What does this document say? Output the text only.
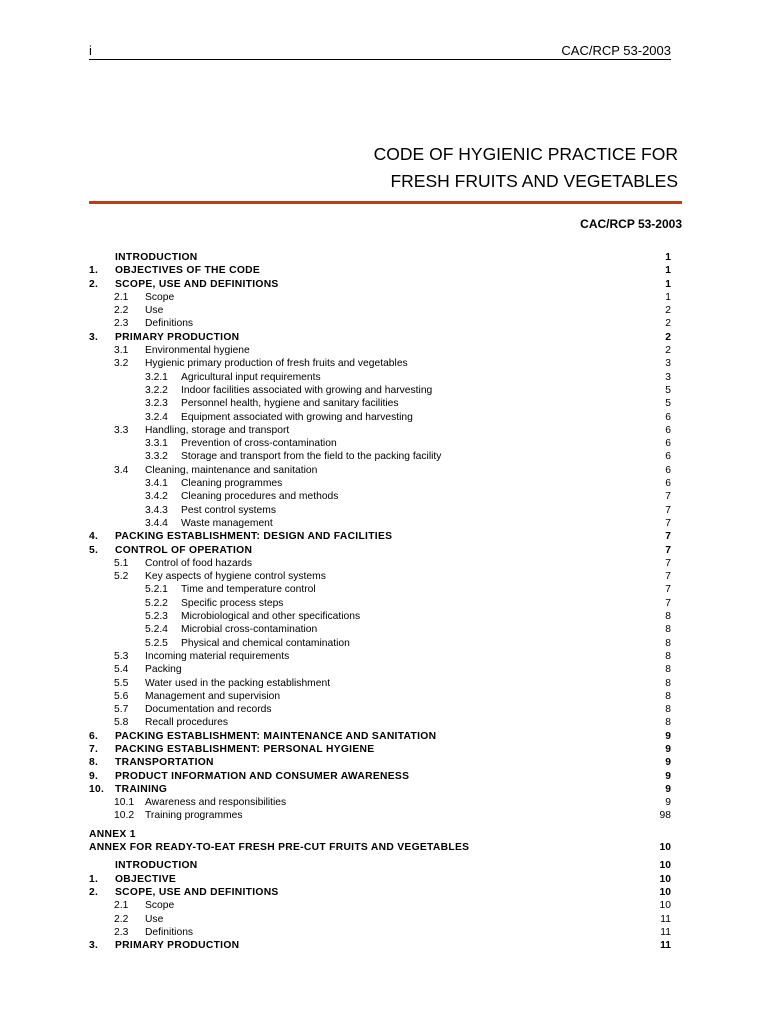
i	CAC/RCP 53-2003
CODE OF HYGIENIC PRACTICE FOR
FRESH FRUITS AND VEGETABLES
CAC/RCP 53-2003
INTRODUCTION	1
1. OBJECTIVES OF THE CODE	1
2. SCOPE, USE AND DEFINITIONS	1
2.1 Scope	1
2.2 Use	2
2.3 Definitions	2
3. PRIMARY PRODUCTION	2
3.1 Environmental hygiene	2
3.2 Hygienic primary production of fresh fruits and vegetables	3
3.2.1 Agricultural input requirements	3
3.2.2 Indoor facilities associated with growing and harvesting	5
3.2.3 Personnel health, hygiene and sanitary facilities	5
3.2.4 Equipment associated with growing and harvesting	6
3.3 Handling, storage and transport	6
3.3.1 Prevention of cross-contamination	6
3.3.2 Storage and transport from the field to the packing facility	6
3.4 Cleaning, maintenance and sanitation	6
3.4.1 Cleaning programmes	6
3.4.2 Cleaning procedures and methods	7
3.4.3 Pest control systems	7
3.4.4 Waste management	7
4. PACKING ESTABLISHMENT: DESIGN AND FACILITIES	7
5. CONTROL OF OPERATION	7
5.1 Control of food hazards	7
5.2 Key aspects of hygiene control systems	7
5.2.1 Time and temperature control	7
5.2.2 Specific process steps	7
5.2.3 Microbiological and other specifications	8
5.2.4 Microbial cross-contamination	8
5.2.5 Physical and chemical contamination	8
5.3 Incoming material requirements	8
5.4 Packing	8
5.5 Water used in the packing establishment	8
5.6 Management and supervision	8
5.7 Documentation and records	8
5.8 Recall procedures	8
6. PACKING ESTABLISHMENT: MAINTENANCE AND SANITATION	9
7. PACKING ESTABLISHMENT: PERSONAL HYGIENE	9
8. TRANSPORTATION	9
9. PRODUCT INFORMATION AND CONSUMER AWARENESS	9
10. TRAINING	9
10.1 Awareness and responsibilities	9
10.2 Training programmes	98
ANNEX 1
ANNEX FOR READY-TO-EAT FRESH PRE-CUT FRUITS AND VEGETABLES	10
INTRODUCTION	10
1. OBJECTIVE	10
2. SCOPE, USE AND DEFINITIONS	10
2.1 Scope	10
2.2 Use	11
2.3 Definitions	11
3. PRIMARY PRODUCTION	11
